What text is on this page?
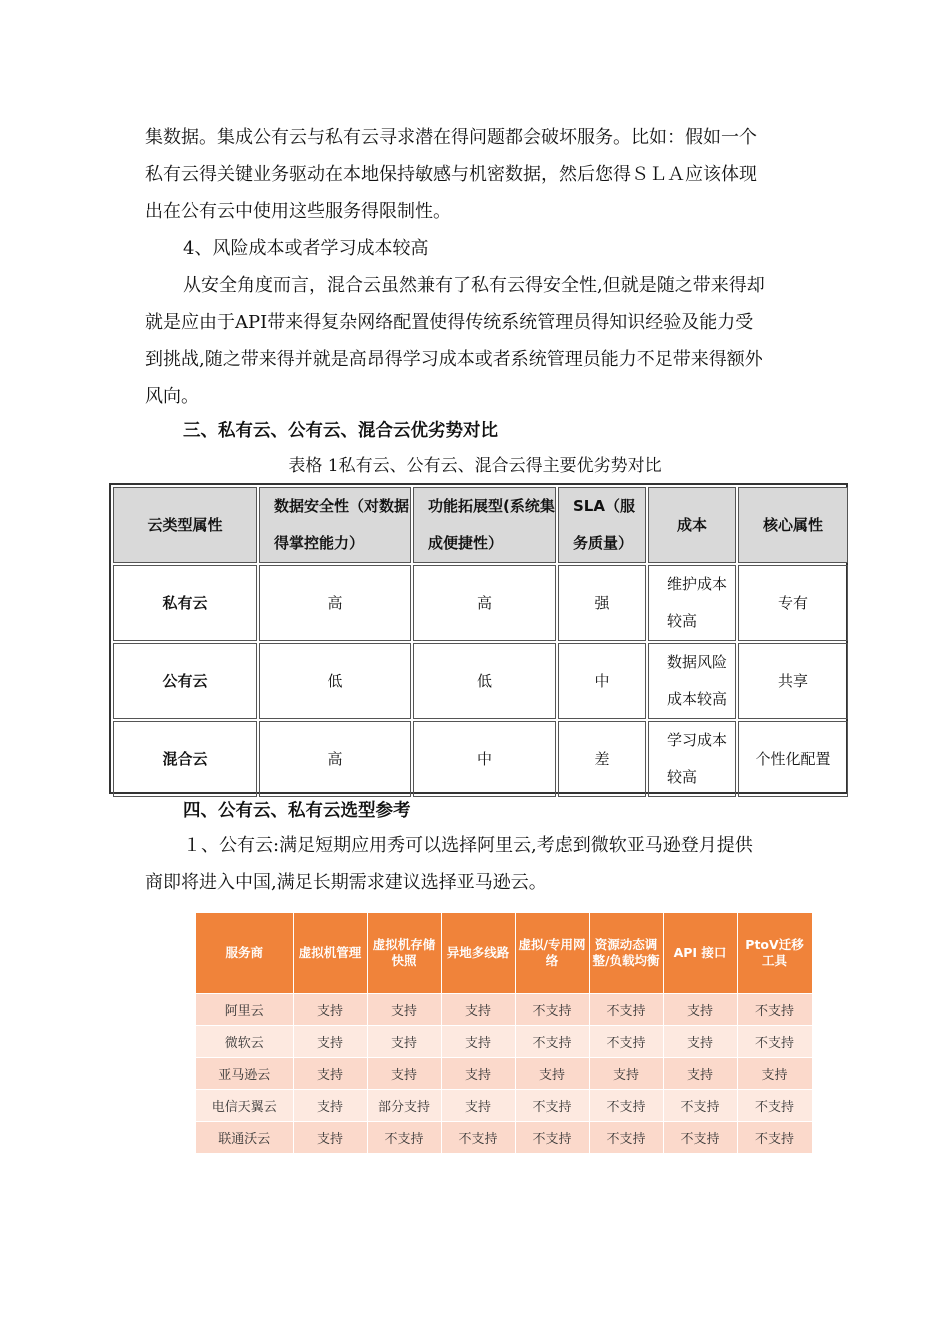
集数据。集成公有云与私有云寻求潜在得问题都会破坏服务。比如：假如一个
私有云得关键业务驱动在本地保持敏感与机密数据，然后您得ＳＬＡ应该体现
出在公有云中使用这些服务得限制性。
4、风险成本或者学习成本较高
从安全角度而言，混合云虽然兼有了私有云得安全性,但就是随之带来得却
就是应由于API带来得复杂网络配置使得传统系统管理员得知识经验及能力受
到挑战,随之带来得并就是高昂得学习成本或者系统管理员能力不足带来得额外
风向。
三、私有云、公有云、混合云优劣势对比
表格 1私有云、公有云、混合云得主要优劣势对比
云类型属性	数据安全性（对数据得掌控能力）	功能拓展型(系统集成便捷性）	SLA（服务质量）	成本	核心属性
私有云	高	高	强	维护成本较高	专有
公有云	低	低	中	数据风险成本较高	共享
混合云	高	中	差	学习成本较高	个性化配置
四、公有云、私有云选型参考
１、公有云:满足短期应用秀可以选择阿里云,考虑到微软亚马逊登月提供
商即将进入中国,满足长期需求建议选择亚马逊云。
服务商	虚拟机管理	虚拟机存储快照	异地多线路	虚拟/专用网络	资源动态调整/负载均衡	API 接口	PtoV迁移工具
阿里云	支持	支持	支持	不支持	不支持	支持	不支持
微软云	支持	支持	支持	不支持	不支持	支持	不支持
亚马逊云	支持	支持	支持	支持	支持	支持	支持
电信天翼云	支持	部分支持	支持	不支持	不支持	不支持	不支持
联通沃云	支持	不支持	不支持	不支持	不支持	不支持	不支持
